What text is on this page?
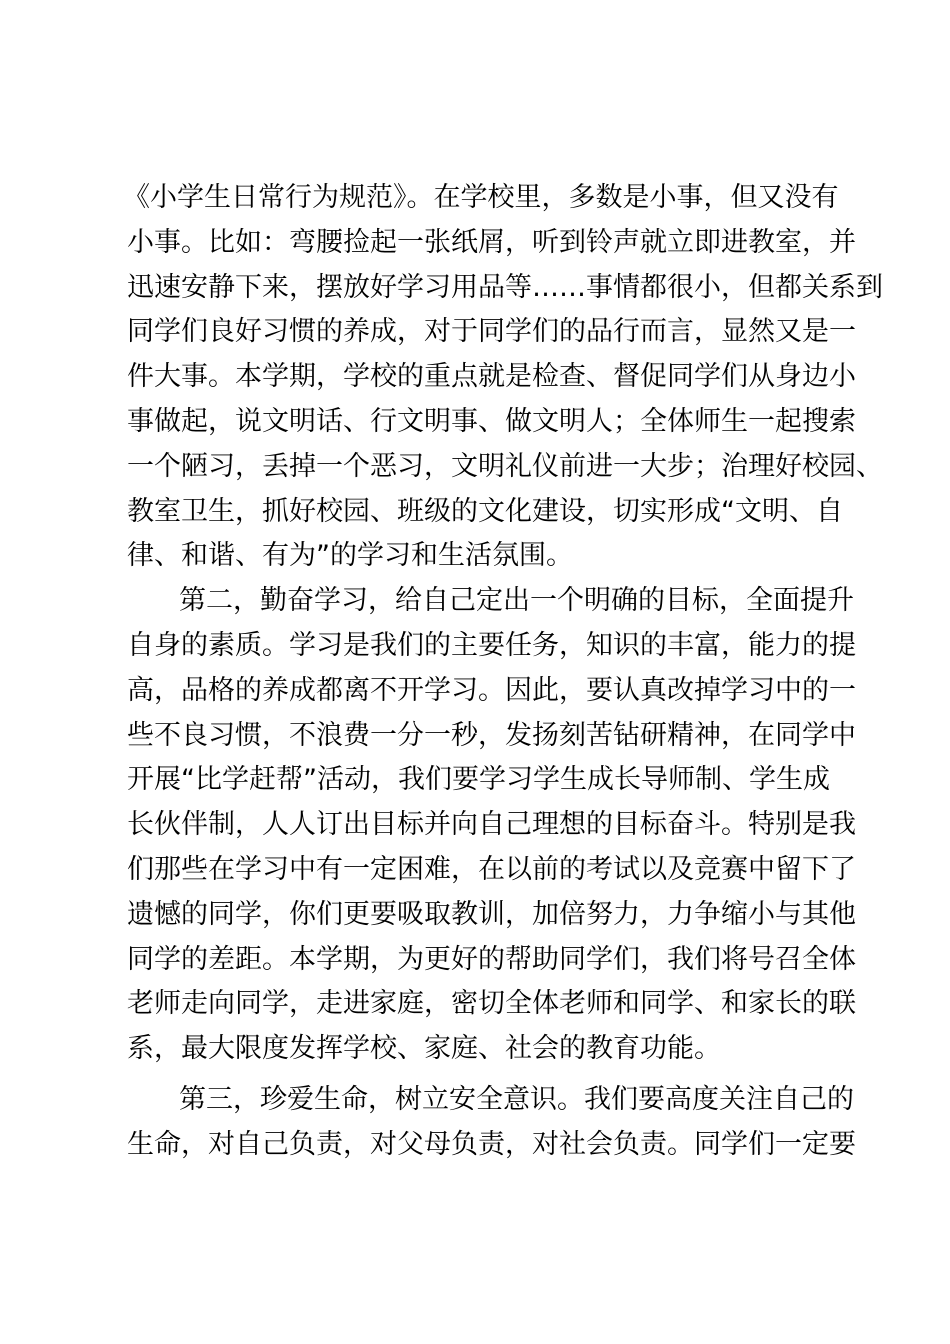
《小学生日常行为规范》。在学校里，多数是小事，但又没有
小事。比如：弯腰捡起一张纸屑，听到铃声就立即进教室，并
迅速安静下来，摆放好学习用品等……事情都很小，但都关系到
同学们良好习惯的养成，对于同学们的品行而言，显然又是一
件大事。本学期，学校的重点就是检查、督促同学们从身边小
事做起，说文明话、行文明事、做文明人；全体师生一起搜索
一个陋习，丢掉一个恶习，文明礼仪前进一大步；治理好校园、
教室卫生，抓好校园、班级的文化建设，切实形成“文明、自
律、和谐、有为”的学习和生活氛围。
第二，勤奋学习，给自己定出一个明确的目标，全面提升
自身的素质。学习是我们的主要任务，知识的丰富，能力的提
高，品格的养成都离不开学习。因此，要认真改掉学习中的一
些不良习惯，不浪费一分一秒，发扬刻苦钻研精神，在同学中
开展“比学赶帮”活动，我们要学习学生成长导师制、学生成
长伙伴制，人人订出目标并向自己理想的目标奋斗。特别是我
们那些在学习中有一定困难，在以前的考试以及竞赛中留下了
遗憾的同学，你们更要吸取教训，加倍努力，力争缩小与其他
同学的差距。本学期，为更好的帮助同学们，我们将号召全体
老师走向同学，走进家庭，密切全体老师和同学、和家长的联
系，最大限度发挥学校、家庭、社会的教育功能。
第三，珍爱生命，树立安全意识。我们要高度关注自己的
生命，对自己负责，对父母负责，对社会负责。同学们一定要
